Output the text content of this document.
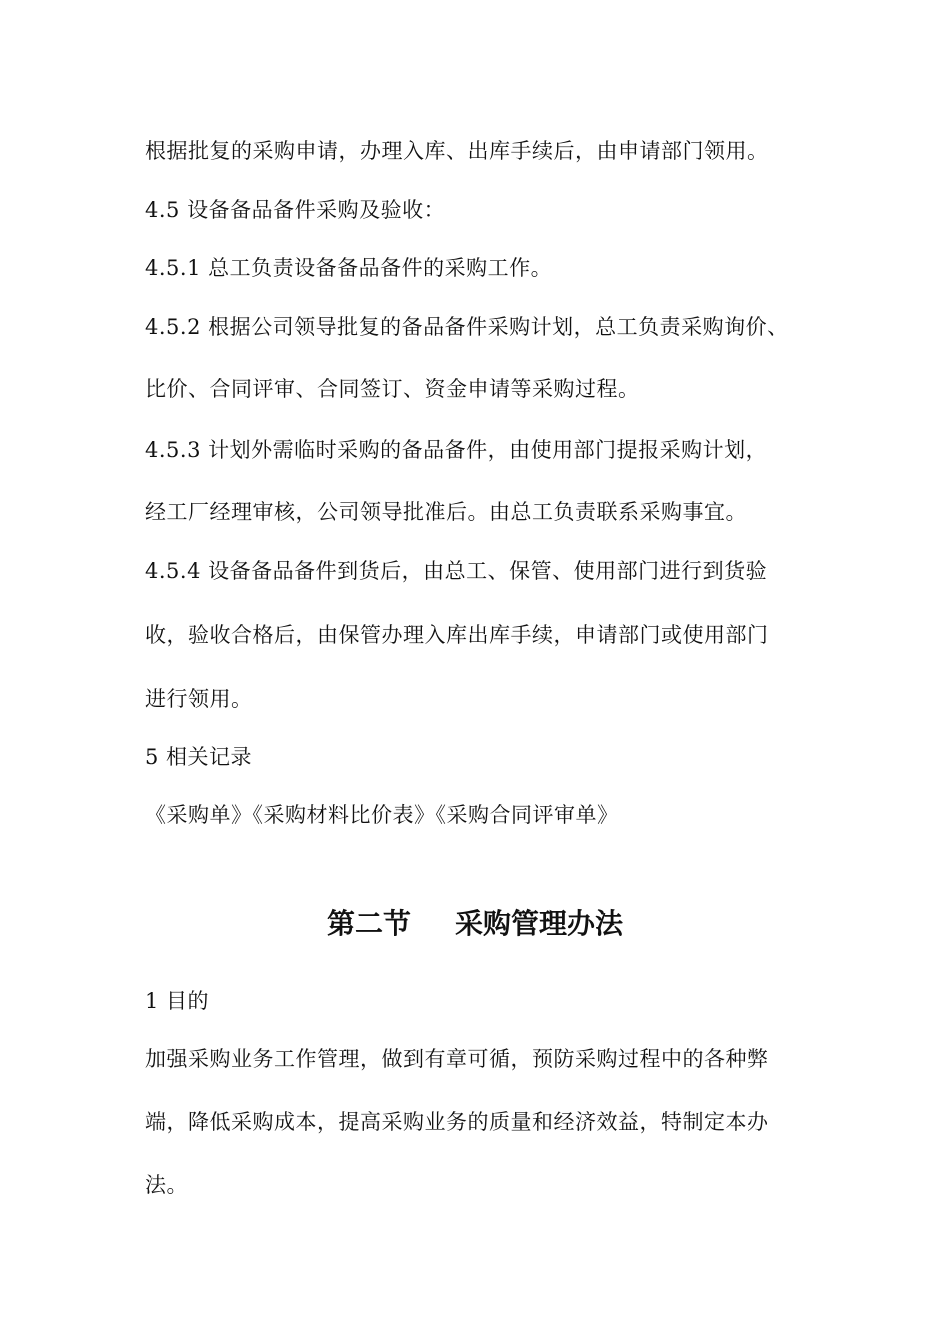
根据批复的采购申请，办理入库、出库手续后，由申请部门领用。
4.5 设备备品备件采购及验收：
4.5.1 总工负责设备备品备件的采购工作。
4.5.2 根据公司领导批复的备品备件采购计划，总工负责采购询价、
比价、合同评审、合同签订、资金申请等采购过程。
4.5.3 计划外需临时采购的备品备件，由使用部门提报采购计划，
经工厂经理审核，公司领导批准后。由总工负责联系采购事宜。
4.5.4 设备备品备件到货后，由总工、保管、使用部门进行到货验
收，验收合格后，由保管办理入库出库手续，申请部门或使用部门
进行领用。
5 相关记录
《采购单》《采购材料比价表》《采购合同评审单》
第二节 采购管理办法
1 目的
加强采购业务工作管理，做到有章可循，预防采购过程中的各种弊
端，降低采购成本，提高采购业务的质量和经济效益，特制定本办
法。
